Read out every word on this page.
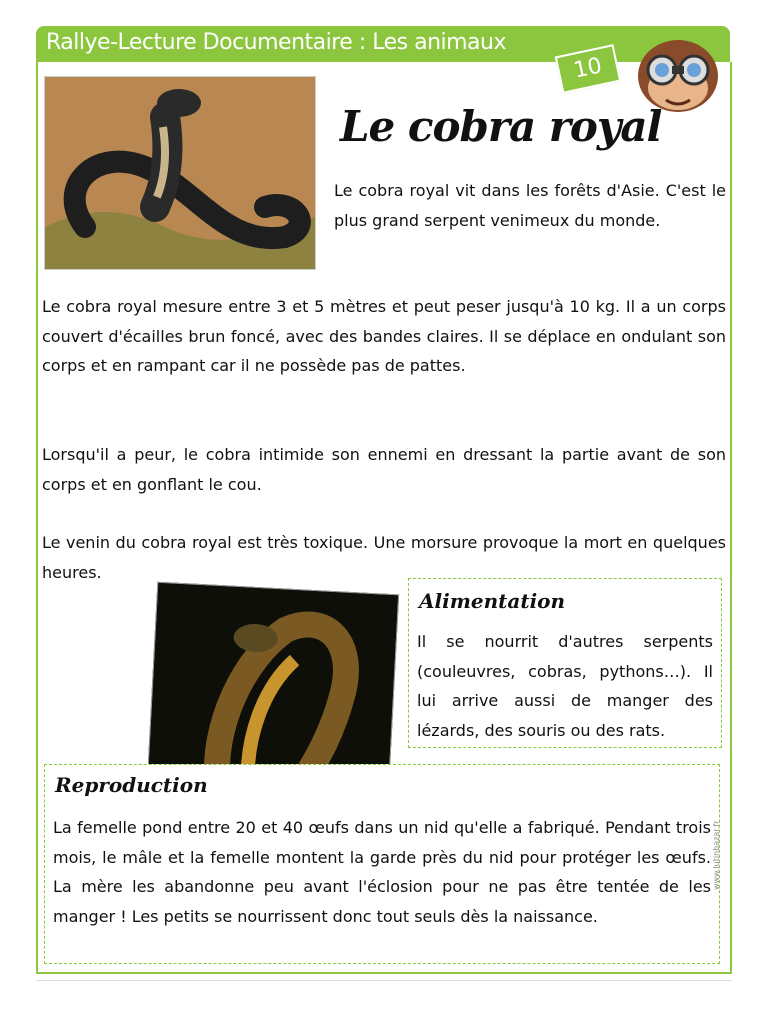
Rallye-Lecture Documentaire : Les animaux
10
Le cobra royal
Le cobra royal vit dans les forêts d'Asie. C'est le plus grand serpent venimeux du monde.
Le cobra royal mesure entre 3 et 5 mètres et peut peser jusqu'à 10 kg. Il a un corps couvert d'écailles brun foncé, avec des bandes claires. Il se déplace en ondulant son corps et en rampant car il ne possède pas de pattes.
Lorsqu'il a peur, le cobra intimide son ennemi en dressant la partie avant de son corps et en gonflant le cou.
Le venin du cobra royal est très toxique. Une morsure provoque la mort en quelques heures.
Alimentation
Il se nourrit d'autres serpents (couleuvres, cobras, pythons…). Il lui arrive aussi de manger des lézards, des souris ou des rats.
Reproduction
La femelle pond entre 20 et 40 œufs dans un nid qu'elle a fabriqué. Pendant trois mois, le mâle et la femelle montent la garde près du nid pour protéger les œufs. La mère les abandonne peu avant l'éclosion pour ne pas être tentée de les manger ! Les petits se nourrissent donc tout seuls dès la naissance.
www.lutinbazar.fr
